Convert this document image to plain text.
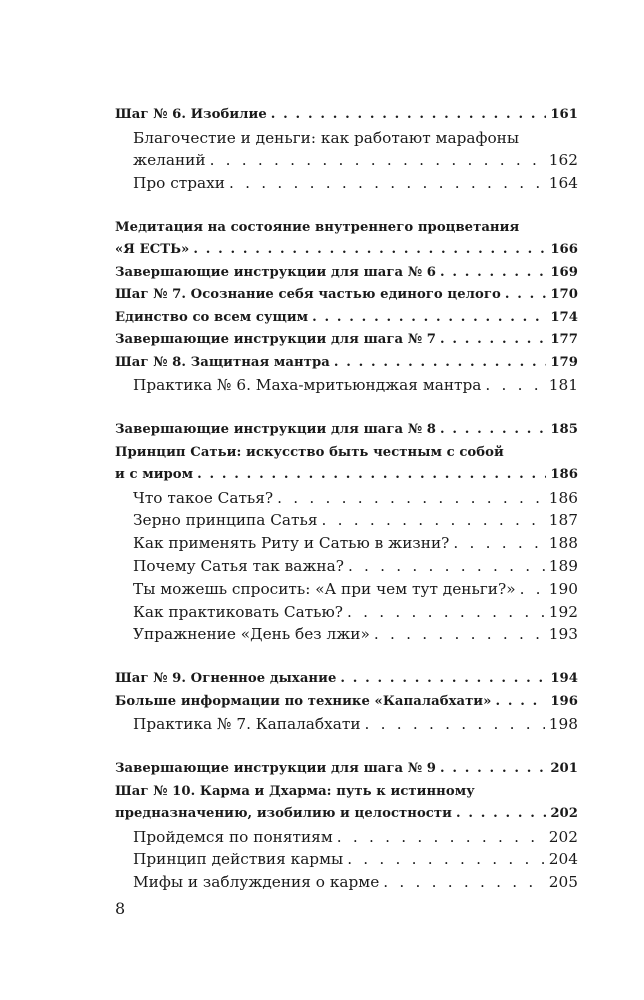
Шаг № 6. Изобилие . . .	161
Благочестие и деньги: как работают марафоны
желаний . . .	162
Про страхи . . .	164
Медитация на состояние внутреннего процветания
«Я ЕСТЬ» . . .	166
Завершающие инструкции для шага № 6 . . .	169
Шаг № 7. Осознание себя частью единого целого . . .	170
Единство со всем сущим . . .	174
Завершающие инструкции для шага № 7 . . .	177
Шаг № 8. Защитная мантра . . .	179
Практика № 6. Маха-мритьюнджая мантра . . .	181
Завершающие инструкции для шага № 8 . . .	185
Принцип Сатьи: искусство быть честным с собой
и с миром . . .	186
Что такое Сатья? . . .	186
Зерно принципа Сатья . . .	187
Как применять Риту и Сатью в жизни? . . .	188
Почему Сатья так важна? . . .	189
Ты можешь спросить: «А при чем тут деньги?» . . . 190
Как практиковать Сатью? . . .	192
Упражнение «День без лжи» . . .	193
Шаг № 9. Огненное дыхание . . .	194
Больше информации по технике «Капалабхати» . . .	196
Практика № 7. Капалабхати . . .	198
Завершающие инструкции для шага № 9 . . .	201
Шаг № 10. Карма и Дхарма: путь к истинному
предназначению, изобилию и целостности . . .	202
Пройдемся по понятиям . . .	202
Принцип действия кармы . . .	204
Мифы и заблуждения о карме . . .	205
8
